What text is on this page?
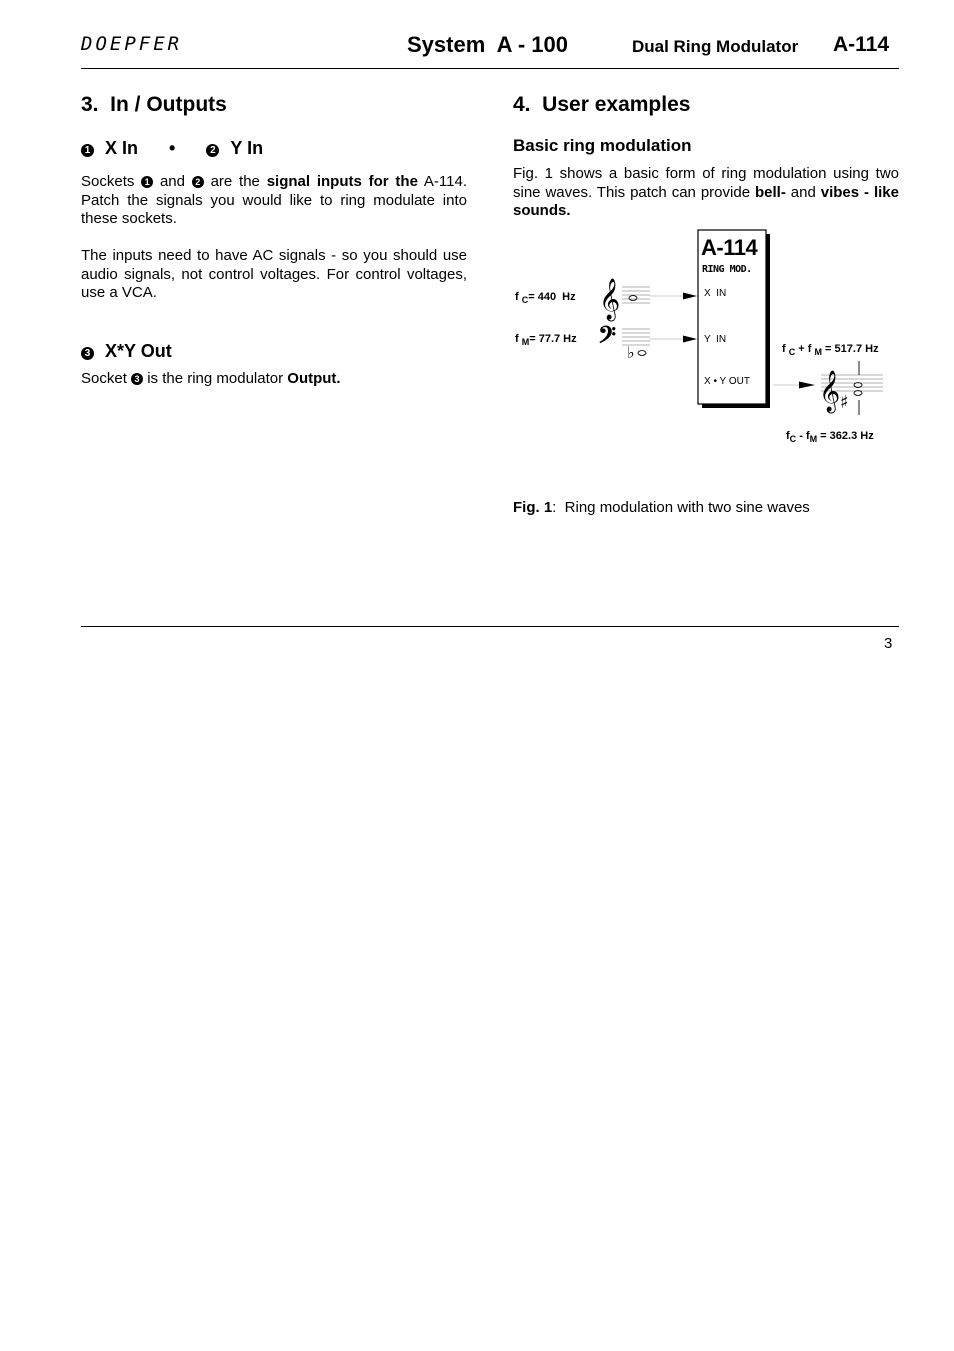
DOEPFER	System  A - 100	Dual Ring Modulator A-114
3.  In / Outputs
1 X In •	2 Y In

Sockets 1 and 2 are the signal inputs for the A-114. Patch the signals you would like to ring modulate into these sockets.

The inputs need to have AC signals - so you should use audio signals, not control voltages. For control voltages, use a VCA.

3 X*Y Out

Socket 3 is the ring modulator Output.

4.  User examples
Basic ring modulation

Fig. 1 shows a basic form of ring modulation using two sine waves. This patch can provide bell- and vibes - like sounds.

𝄞
𝄢 ♭
𝄞 ♯
A-114
RING MOD.
X  IN
Y  IN
X • Y OUT
f $_C$= 440  Hz
f $_M$= 77.7 Hz
f $_C$ + f $_M$ = 517.7 Hz
$f_C - f_M = 362.3$ Hz
Fig. 1:  Ring modulation with two sine waves
3
